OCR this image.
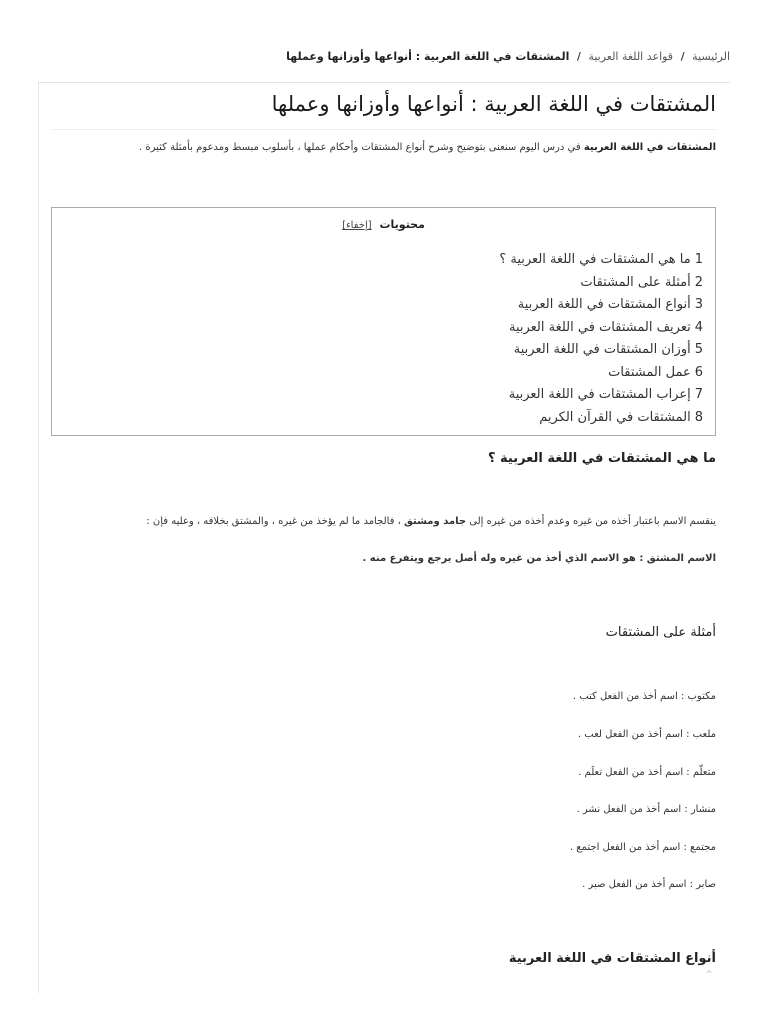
الرئيسية / قواعد اللغة العربية / المشتقات في اللغة العربية : أنواعها وأوزانها وعملها
المشتقات في اللغة العربية : أنواعها وأوزانها وعملها

المشتقات في اللغة العربية في درس اليوم سنعنى بتوضيح وشرح أنواع المشتقات وأحكام عملها ، بأسلوب مبسط ومدعوم بأمثلة كثيرة .

محتويات [إخفاء]
1ما هي المشتقات في اللغة العربية ؟
2أمثلة على المشتقات
3أنواع المشتقات في اللغة العربية
4تعريف المشتقات في اللغة العربية
5أوزان المشتقات في اللغة العربية
6عمل المشتقات
7إعراب المشتقات في اللغة العربية
8المشتقات في القرآن الكريم
ما هي المشتقات في اللغة العربية ؟
ينقسم الاسم باعتبار أخذه من غيره وعدم أخذه من غيره إلى جامد ومشتق ، فالجامد ما لم يؤخذ من غيره ، والمشتق بخلافه ، وعليه فإن :
الاسم المشتق : هو الاسم الذي أخذ من غيره وله أصل يرجع ويتفرع منه .
أمثلة على المشتقات
مكتوب : اسم أخذ من الفعل كتب .
ملعب : اسم أخذ من الفعل لعب .
متعلّم : اسم أخذ من الفعل تعلَم .
منشار : اسم أخذ من الفعل نشر .
مجتمع : اسم أخذ من الفعل اجتمع .
صابر : اسم أخذ من الفعل صبر .
أنواع المشتقات في اللغة العربية
⌃
